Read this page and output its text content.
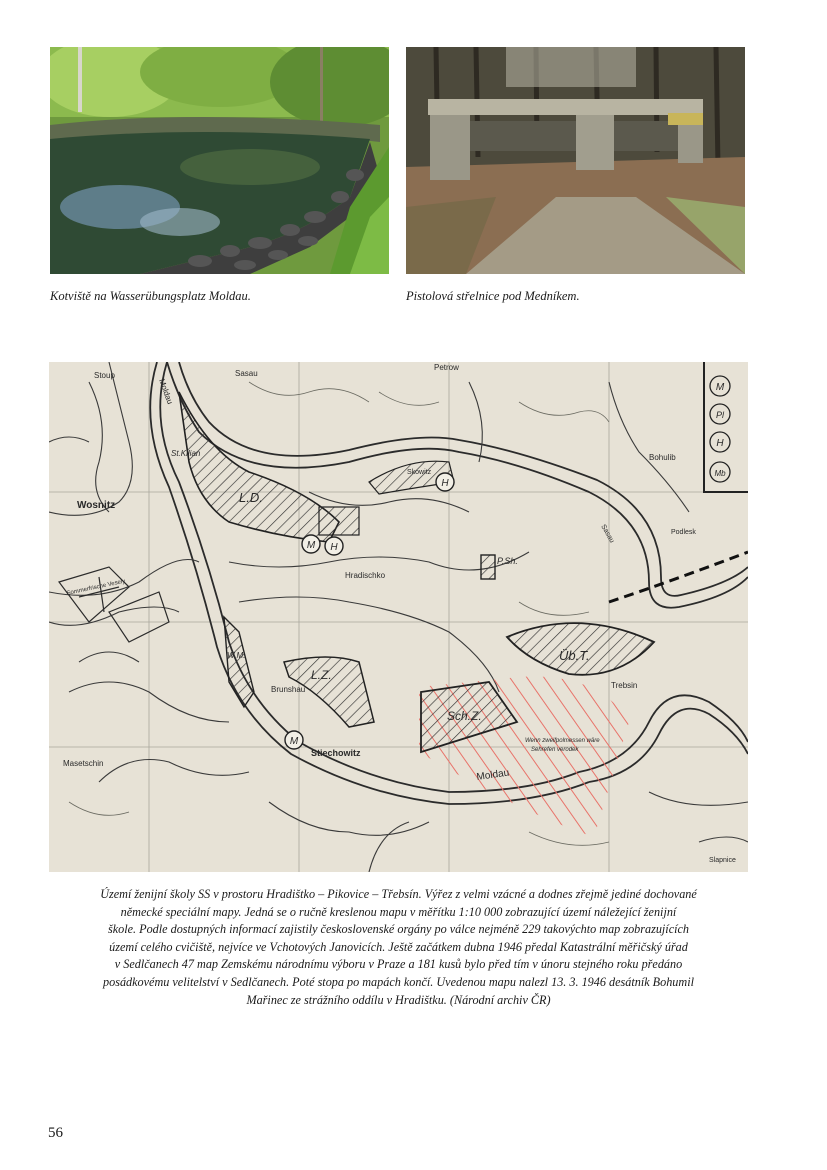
Kotviště na Wasserübungsplatz Moldau.	Pistolová střelnice pod Medníkem.
M
Pl
H
Mb
M H
H
M
Stoup
Moldau
Sasau
Petrow
St.Kilian
L.D.
Skowitz
Bohulib
Wosnitz
Hradischko
P.Sh.
Sommerfrische Vesely
W.M.
Brunshau
L.Z.
Üb.T.
Trebsin
Sch.Z.
Wenn zweifpolmessen wäre
Sehrefen verodek
Masetschin
Stiechowitz
Moldau
Podlesk
Sasau
Slapnice
Území ženijní školy SS v prostoru Hradištko – Pikovice – Třebsín. Výřez z velmi vzácné a dodnes zřejmě jediné dochované
německé speciální mapy. Jedná se o ručně kreslenou mapu v měřítku 1:10 000 zobrazující území náležející ženijní
škole. Podle dostupných informací zajistily československé orgány po válce nejméně 229 takovýchto map zobrazujících
území celého cvičiště, nejvíce ve Vchotových Janovicích. Ještě začátkem dubna 1946 předal Katastrální měřičský úřad
v Sedlčanech 47 map Zemskému národnímu výboru v Praze a 181 kusů bylo před tím v únoru stejného roku předáno
posádkovému velitelství v Sedlčanech. Poté stopa po mapách končí. Uvedenou mapu nalezl 13. 3. 1946 desátník Bohumil
Mařinec ze strážního oddílu v Hradištku. (Národní archiv ČR)
56
